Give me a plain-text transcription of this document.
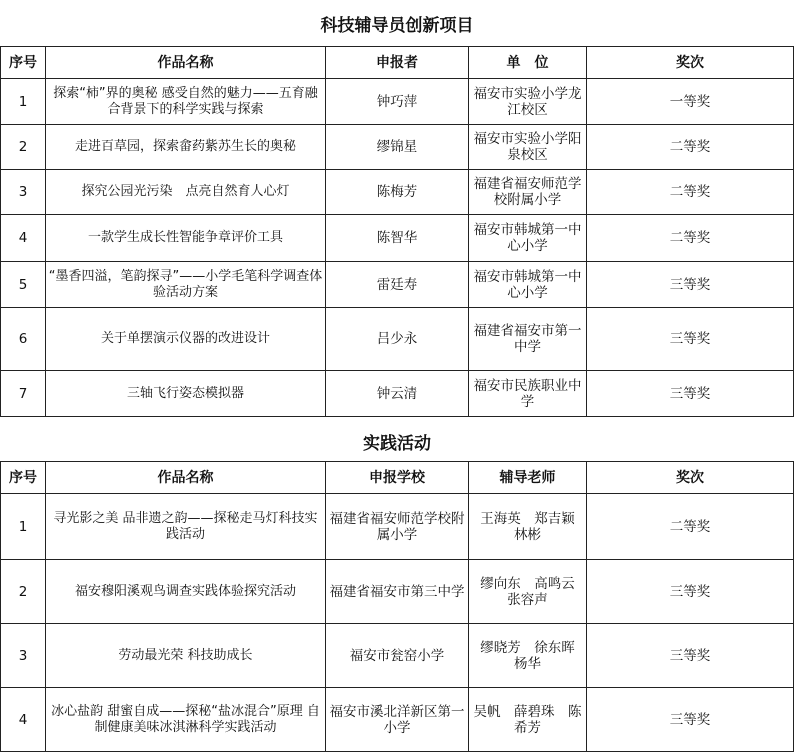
科技辅导员创新项目
序号	作品名称	申报者	单　位	奖次
1	探索“柿”界的奥秘 感受自然的魅力——五育融合背景下的科学实践与探索	钟巧萍	福安市实验小学龙江校区	一等奖
2	走进百草园，探索畲药紫苏生长的奥秘	缪锦星	福安市实验小学阳泉校区	二等奖
3	探究公园光污染　点亮自然育人心灯	陈梅芳	福建省福安师范学校附属小学	二等奖
4	一款学生成长性智能争章评价工具	陈智华	福安市韩城第一中心小学	二等奖
5	“墨香四溢，笔韵探寻”——小学毛笔科学调查体验活动方案	雷廷寿	福安市韩城第一中心小学	三等奖
6	关于单摆演示仪器的改进设计	吕少永	福建省福安市第一中学	三等奖
7	三轴飞行姿态模拟器	钟云清	福安市民族职业中学	三等奖
实践活动
序号	作品名称	申报学校	辅导老师	奖次
1	寻光影之美 品非遗之韵——探秘走马灯科技实践活动	福建省福安师范学校附属小学	王海英　郑吉颖　林彬	二等奖
2	福安穆阳溪观鸟调查实践体验探究活动	福建省福安市第三中学	缪向东　高鸣云　张容声	三等奖
3	劳动最光荣 科技助成长	福安市瓮窑小学	缪晓芳　徐东晖　杨华	三等奖
4	冰心盐韵 甜蜜自成——探秘“盐冰混合”原理 自制健康美味冰淇淋科学实践活动	福安市溪北洋新区第一小学	吴帆　薛碧珠　陈希芳	三等奖
